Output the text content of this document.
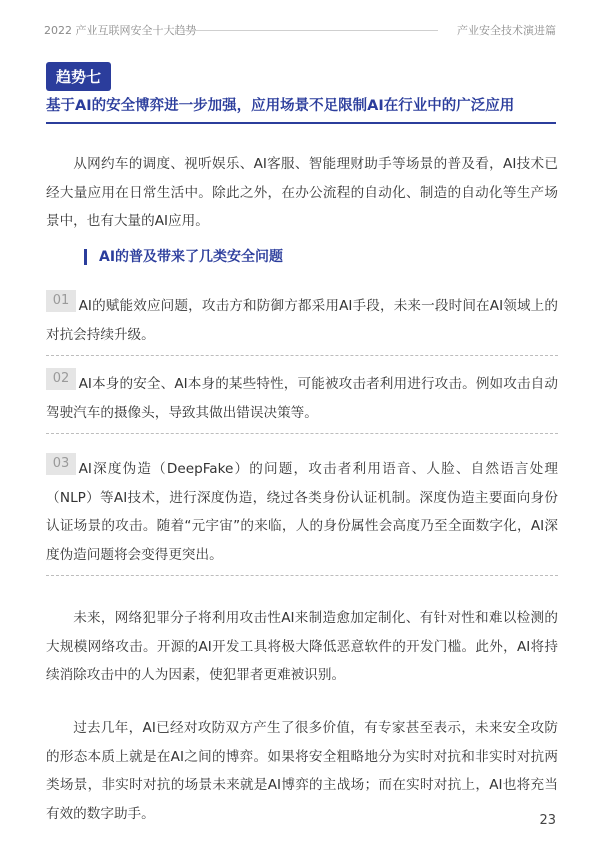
2022 产业互联网安全十大趋势	产业安全技术演进篇
趋势七
基于AI的安全博弈进一步加强，应用场景不足限制AI在行业中的广泛应用

从网约车的调度、视听娱乐、AI客服、智能理财助手等场景的普及看，AI技术已经大量应用在日常生活中。除此之外，在办公流程的自动化、制造的自动化等生产场景中，也有大量的AI应用。

AI的普及带来了几类安全问题
01 AI的赋能效应问题，攻击方和防御方都采用AI手段，未来一段时间在AI领域上的对抗会持续升级。

02 AI本身的安全、AI本身的某些特性，可能被攻击者利用进行攻击。例如攻击自动驾驶汽车的摄像头，导致其做出错误决策等。

03 AI深度伪造（DeepFake）的问题，攻击者利用语音、人脸、自然语言处理（NLP）等AI技术，进行深度伪造，绕过各类身份认证机制。深度伪造主要面向身份认证场景的攻击。随着“元宇宙”的来临，人的身份属性会高度乃至全面数字化，AI深度伪造问题将会变得更突出。

未来，网络犯罪分子将利用攻击性AI来制造愈加定制化、有针对性和难以检测的大规模网络攻击。开源的AI开发工具将极大降低恶意软件的开发门槛。此外，AI将持续消除攻击中的人为因素，使犯罪者更难被识别。

过去几年，AI已经对攻防双方产生了很多价值，有专家甚至表示，未来安全攻防的形态本质上就是在AI之间的博弈。如果将安全粗略地分为实时对抗和非实时对抗两类场景，非实时对抗的场景未来就是AI博弈的主战场；而在实时对抗上，AI也将充当有效的数字助手。	23
